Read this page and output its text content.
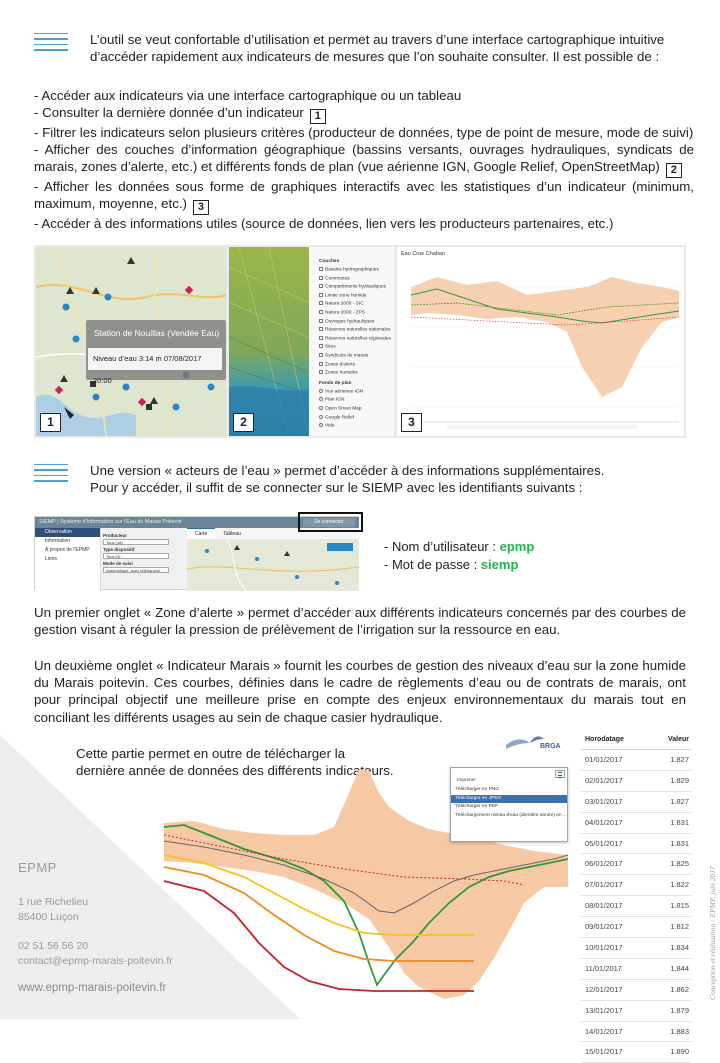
L’outil se veut confortable d’utilisation et permet au travers d’une interface cartographique intuitive

d’accéder rapidement aux indicateurs de mesures que l’on souhaite consulter. Il est possible de :

- Accéder aux indicateurs via une interface cartographique ou un tableau
- Consulter la dernière donnée d’un indicateur 1
- Filtrer les indicateurs selon plusieurs critères (producteur de données, type de point de mesure, mode de suivi)
- Afficher des couches d’information géographique (bassins versants, ouvrages hydrauliques, syndicats de marais, zones d’alerte, etc.) et différents fonds de plan (vue aérienne IGN, Google Relief, OpenStreetMap) 2
- Afficher les données sous forme de graphiques interactifs avec les statistiques d’un indicateur (minimum, maximum, moyenne, etc.) 3
- Accéder à des informations utiles (source de données, lien vers les producteurs partenaires, etc.)
Station de Nouillas (Vendée Eau)
Niveau d’eau 3.14 m 07/08/2017 20:00
1
Couches
Bassins hydrographiques
Communes
Compartiments hydrauliques
Limite zone humide
Natura 2000 - SIC
Natura 2000 - ZPS
Ouvrages hydrauliques
Réserves naturelles nationales
Réserves naturelles régionales
Sites
Syndicats de marais
Zones d'alerte
Zones humides
Fonds de plan
Vue aérienne IGN
Plan IGN
Open Street Map
Google Relief
Vide
2
Eau Crue Chaban
3
Une version « acteurs de l’eau » permet d’accéder à des informations supplémentaires.
Pour y accéder, il suffit de se connecter sur le SIEMP avec les identifiants suivants :
SIEMP | Système d'Information sur l'Eau du Marais Poitevin	Se connecter
Observation
Information
À propos de l'EPMP
Liens
Producteur
Tous (18)
Type dispositif
Tous (4)
Mode de suivi
Automatique, avec télétransmi
Carte	Tableau
- Nom d’utilisateur : epmp
- Mot de passe : siemp
Un premier onglet « Zone d’alerte » permet d’accéder aux différents indicateurs concernés par des courbes de gestion visant à réguler la pression de prélèvement de l’irrigation sur la ressource en eau.
Un deuxième onglet « Indicateur Marais » fournit les courbes de gestion des niveaux d’eau sur la zone humide du Marais poitevin. Ces courbes, définies dans le cadre de règlements d’eau ou de contrats de marais, ont pour principal objectif une meilleure prise en compte des enjeux environnementaux du marais tout en conciliant les différents usages au sein de chaque casier hydraulique.
Cette partie permet en outre de télécharger la
dernière année de données des différents indicateurs.
BRGA
Imprimer
Télécharger en PNG
Télécharger en JPEG
Télécharger en PDF
Téléchargement niveau d'eau (dernière année) en ...
Horodatage	Valeur
01/01/2017	1.827
02/01/2017	1.829
03/01/2017	1.827
04/01/2017	1.831
05/01/2017	1.831
06/01/2017	1.825
07/01/2017	1.822
08/01/2017	1.815
09/01/2017	1.812
10/01/2017	1.834
11/01/2017	1.844
12/01/2017	1.862
13/01/2017	1.879
14/01/2017	1.883
15/01/2017	1.890
EPMP
1 rue Richelieu
85400 Luçon
02 51 56 56 20
contact@epmp-marais-poitevin.fr
www.epmp-marais-poitevin.fr	Conception et réalisation : EPMP, juin 2017
